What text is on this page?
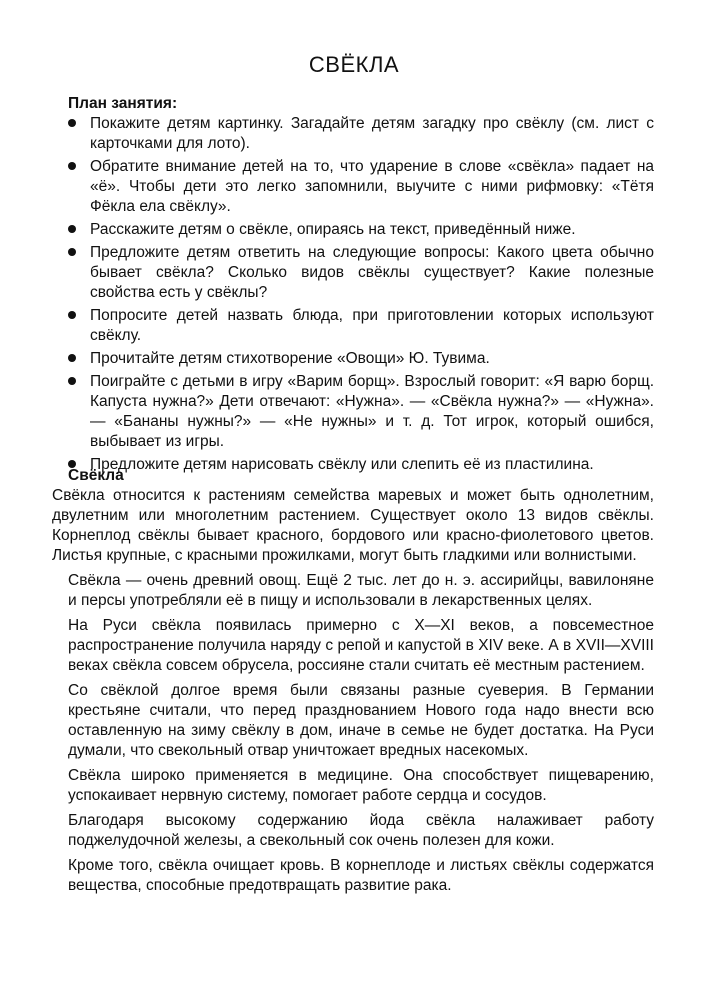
СВЁКЛА
План занятия:
Покажите детям картинку. Загадайте детям загадку про свёклу (см. лист с карточками для лото).
Обратите внимание детей на то, что ударение в слове «свёкла» падает на «ё». Чтобы дети это легко запомнили, выучите с ними рифмовку: «Тётя Фёкла ела свёклу».
Расскажите детям о свёкле, опираясь на текст, приведённый ниже.
Предложите детям ответить на следующие вопросы: Какого цвета обычно бывает свёкла? Сколько видов свёклы существует? Какие полезные свойства есть у свёклы?
Попросите детей назвать блюда, при приготовлении которых используют свёклу.
Прочитайте детям стихотворение «Овощи» Ю. Тувима.
Поиграйте с детьми в игру «Варим борщ». Взрослый говорит: «Я варю борщ. Капуста нужна?» Дети отвечают: «Нужна». — «Свёкла нужна?» — «Нужна». — «Бананы нужны?» — «Не нужны» и т. д. Тот игрок, который ошибся, выбывает из игры.
Предложите детям нарисовать свёклу или слепить её из пластилина.
Свёкла

Свёкла относится к растениям семейства маревых и может быть однолетним, двулетним или многолетним растением. Существует около 13 видов свёклы. Корнеплод свёклы бывает красного, бордового или красно-фиолетового цветов. Листья крупные, с красными прожилками, могут быть гладкими или волнистыми.

Свёкла — очень древний овощ. Ещё 2 тыс. лет до н. э. ассирийцы, вавилоняне и персы употребляли её в пищу и использовали в лекарственных целях.

На Руси свёкла появилась примерно с X—XI веков, а повсеместное распространение получила наряду с репой и капустой в XIV веке. А в XVII—XVIII веках свёкла совсем обрусела, россияне стали считать её местным растением.

Со свёклой долгое время были связаны разные суеверия. В Германии крестьяне считали, что перед празднованием Нового года надо внести всю оставленную на зиму свёклу в дом, иначе в семье не будет достатка. На Руси думали, что свекольный отвар уничтожает вредных насекомых.

Свёкла широко применяется в медицине. Она способствует пищеварению, успокаивает нервную систему, помогает работе сердца и сосудов.

Благодаря высокому содержанию йода свёкла налаживает работу поджелудочной железы, а свекольный сок очень полезен для кожи.

Кроме того, свёкла очищает кровь. В корнеплоде и листьях свёклы содержатся вещества, способные предотвращать развитие рака.
